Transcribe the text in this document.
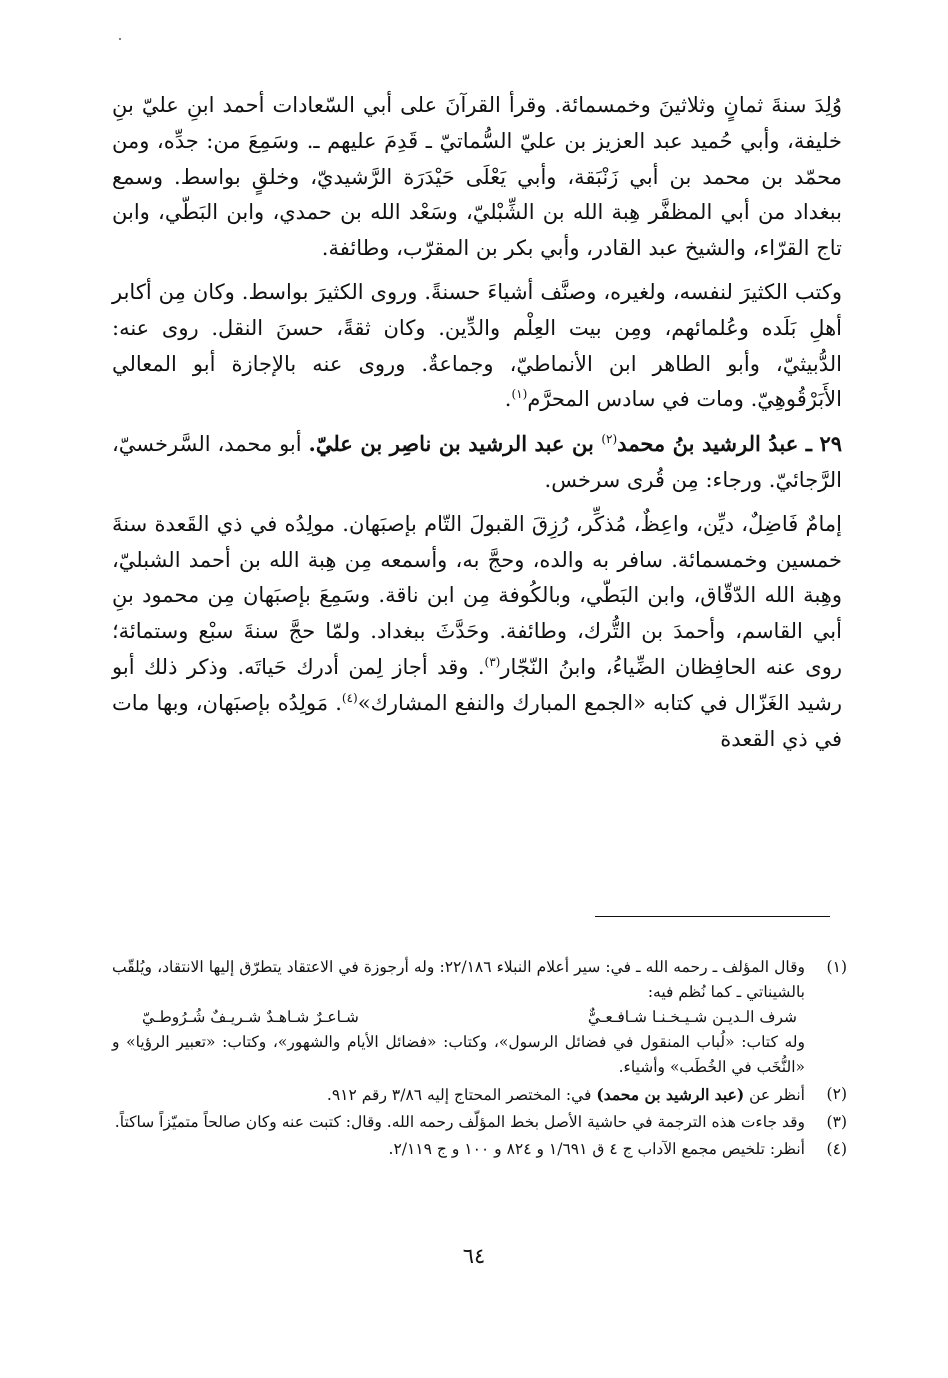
وُلِدَ سنةَ ثمانٍ وثلاثينَ وخمسمائة. وقرأ القرآنَ على أبي السّعادات أحمد ابنِ عليّ بنِ خليفة، وأبي حُميد عبد العزيز بن عليّ السُّماتيّ ـ قَدِمَ عليهم ـ. وسَمِعَ من: جدِّه، ومن محمّد بن محمد بن أبي زَنْبَقة، وأبي يَعْلَى حَيْدَرَة الرَّشيديّ، وخلقٍ بواسط. وسمع ببغداد من أبي المظفَّر هِبة الله بن الشِّبْليّ، وسَعْد الله بن حمدي، وابن البَطّي، وابن تاج القرّاء، والشيخ عبد القادر، وأبي بكر بن المقرّب، وطائفة.

وكتب الكثيرَ لنفسه، ولغيره، وصنَّف أشياءَ حسنةً. وروى الكثيرَ بواسط. وكان مِن أكابر أهلِ بَلَده وعُلمائهم، ومِن بيت العِلْم والدِّين. وكان ثقةً، حسنَ النقل. روى عنه: الدُّبيثيّ، وأبو الطاهر ابن الأنماطيّ، وجماعةٌ. وروى عنه بالإجازة أبو المعالي الأَبَرْقُوهِيّ. ومات في سادس المحرَّم$^{(١)}$.

٢٩ ـ عبدُ الرشيد بنُ محمد$^{(٢)}$ بن عبد الرشيد بن ناصِر بن عليّ. أبو محمد، السَّرخسيّ، الرَّجائيّ. ورجاء: مِن قُرى سرخس.

إمامٌ فَاضِلٌ، ديِّن، واعِظٌ، مُذكِّر، رُزِقَ القبولَ التّام بإصبَهان. مولِدُه في ذي القَعدة سنةَ خمسين وخمسمائة. سافر به والده، وحجَّ به، وأسمعه مِن هِبة الله بن أحمد الشبليّ، وهِبة الله الدّقّاق، وابن البَطّي، وبالكُوفة مِن ابن ناقة. وسَمِعَ بإصبَهان مِن محمود بنِ أبي القاسم، وأحمدَ بن التُّرك، وطائفة. وحَدَّثَ ببغداد. ولمّا حجَّ سنةَ سبْع وستمائة؛ روى عنه الحافِظان الضِّياءُ، وابنُ النّجّار$^{(٣)}$. وقد أجاز لِمن أدرك حَياتَه. وذكر ذلك أبو رشيد الغَزّال في كتابه «الجمع المبارك والنفع المشارك»$^{(٤)}$. مَولِدُه بإصبَهان، وبها مات في ذي القعدة

(١)
وقال المؤلف ـ رحمه الله ـ في: سير أعلام النبلاء ٢٢/١٨٦: وله أرجوزة في الاعتقاد يتطرّق إليها الانتقاد، ويُلقّب بالشيناتي ـ كما نُظم فيه:
شرف الـديـن شـيـخـنـا شـافـعـيٌّ
شـاعـرٌ شـاهـدٌ شـريـفٌ شُـرُوطـيّ
وله كتاب: «لُباب المنقول في فضائل الرسول»، وكتاب: «فضائل الأيام والشهور»، وكتاب: «تعبير الرؤيا» و «النُّخَب في الخُطَب» وأشياء.
(٢)
أنظر عن (عبد الرشيد بن محمد) في: المختصر المحتاج إليه ٣/٨٦ رقم ٩١٢.
(٣)
وقد جاءت هذه الترجمة في حاشية الأصل بخط المؤلّف رحمه الله. وقال: كتبت عنه وكان صالحاً متميّزاً ساكتاً.
(٤)
أنظر: تلخيص مجمع الآداب ج ٤ ق ١/٦٩١ و ٨٢٤ و ١٠٠ و ج ٢/١١٩.
٦٤
